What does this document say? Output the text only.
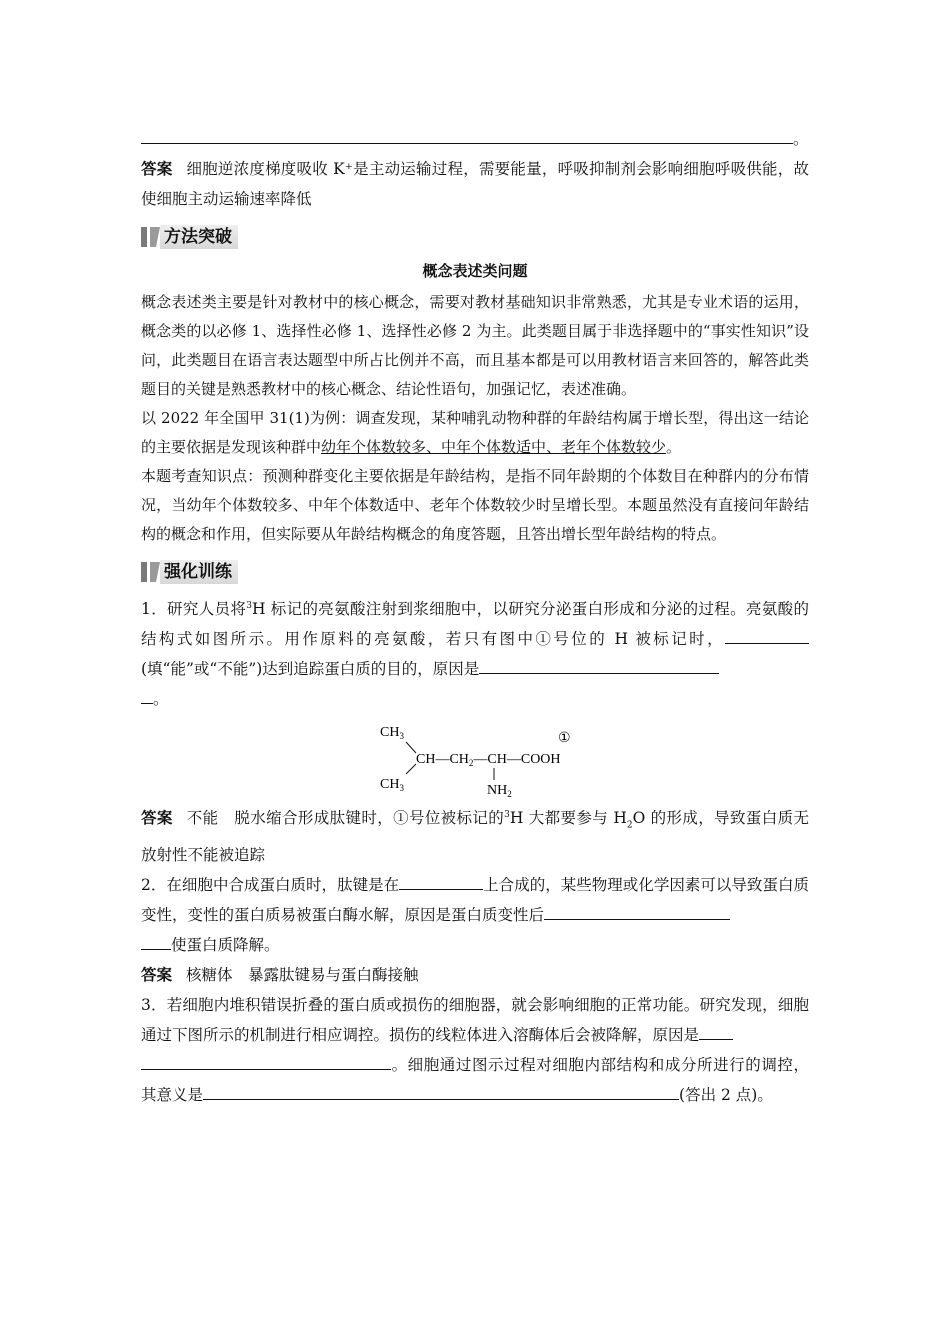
。
答案 细胞逆浓度梯度吸收 K⁺是主动运输过程，需要能量，呼吸抑制剂会影响细胞呼吸供能，故使细胞主动运输速率降低
方法突破
概念表述类问题
概念表述类主要是针对教材中的核心概念，需要对教材基础知识非常熟悉，尤其是专业术语的运用，概念类的以必修 1、选择性必修 1、选择性必修 2 为主。此类题目属于非选择题中的“事实性知识”设问，此类题目在语言表达题型中所占比例并不高，而且基本都是可以用教材语言来回答的，解答此类题目的关键是熟悉教材中的核心概念、结论性语句，加强记忆，表述准确。
以 2022 年全国甲 31(1)为例：调查发现，某种哺乳动物种群的年龄结构属于增长型，得出这一结论的主要依据是发现该种群中幼年个体数较多、中年个体数适中、老年个体数较少。
本题考查知识点：预测种群变化主要依据是年龄结构，是指不同年龄期的个体数目在种群内的分布情况，当幼年个体数较多、中年个体数适中、老年个体数较少时呈增长型。本题虽然没有直接问年龄结构的概念和作用，但实际要从年龄结构概念的角度答题，且答出增长型年龄结构的特点。
强化训练
1．研究人员将$^3$H 标记的亮氨酸注射到浆细胞中，以研究分泌蛋白形成和分泌的过程。亮氨酸的结构式如图所示。用作原料的亮氨酸，若只有图中①号位的 H 被标记时，(填“能”或“不能”)达到追踪蛋白质的目的，原因是
。
$CH_3$
$CH_3$
$CH—CH_2—CH—COOH$
①
$NH_2$
答案 不能　脱水缩合形成肽键时，①号位被标记的$^3$H 大都要参与 $H_2O$ 的形成，导致蛋白质无放射性不能被追踪
2．在细胞中合成蛋白质时，肽键是在	上合成的，某些物理或化学因素可以导致蛋白质变性，变性的蛋白质易被蛋白酶水解，原因是蛋白质变性后
使蛋白质降解。
答案 核糖体　暴露肽键易与蛋白酶接触
3．若细胞内堆积错误折叠的蛋白质或损伤的细胞器，就会影响细胞的正常功能。研究发现，细胞通过下图所示的机制进行相应调控。损伤的线粒体进入溶酶体后会被降解，原因是
。细胞通过图示过程对细胞内部结构和成分所进行的调控，其意义是	(答出 2 点)。
